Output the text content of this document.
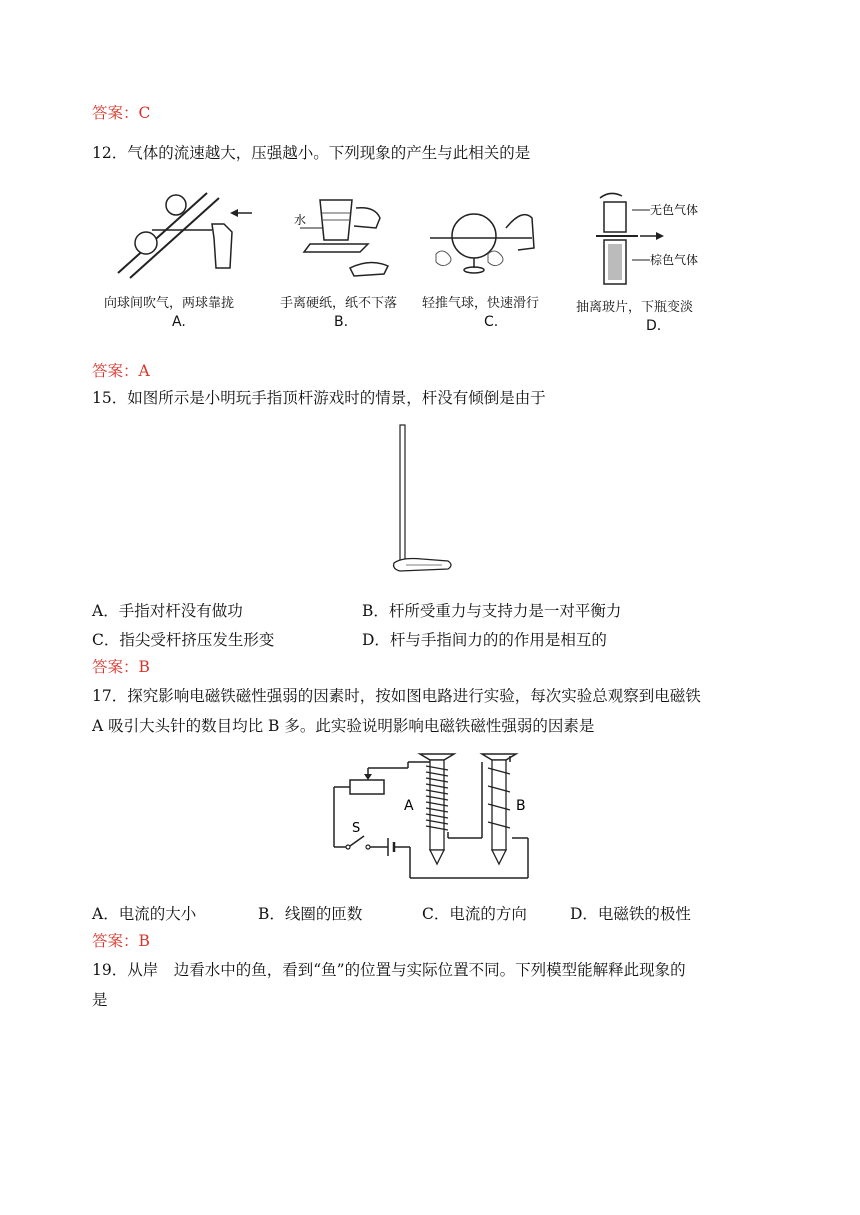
答案：C
12．气体的流速越大，压强越小。下列现象的产生与此相关的是
向球间吹气，两球靠拢
A.
水
手离硬纸，纸不下落
B.
轻推气球，快速滑行
C.
无色气体
棕色气体
抽离玻片，下瓶变淡
D.
答案：A
15．如图所示是小明玩手指顶杆游戏时的情景，杆没有倾倒是由于
A．手指对杆没有做功	B．杆所受重力与支持力是一对平衡力
C．指尖受杆挤压发生形变	D．杆与手指间力的的作用是相互的
答案：B
17．探究影响电磁铁磁性强弱的因素时，按如图电路进行实验，每次实验总观察到电磁铁
A 吸引大头针的数目均比 B 多。此实验说明影响电磁铁磁性强弱的因素是
S
A	B
A．电流的大小	B．线圈的匝数	C．电流的方向	D．电磁铁的极性
答案：B
19．从岸　边看水中的鱼，看到“鱼”的位置与实际位置不同。下列模型能解释此现象的
是
